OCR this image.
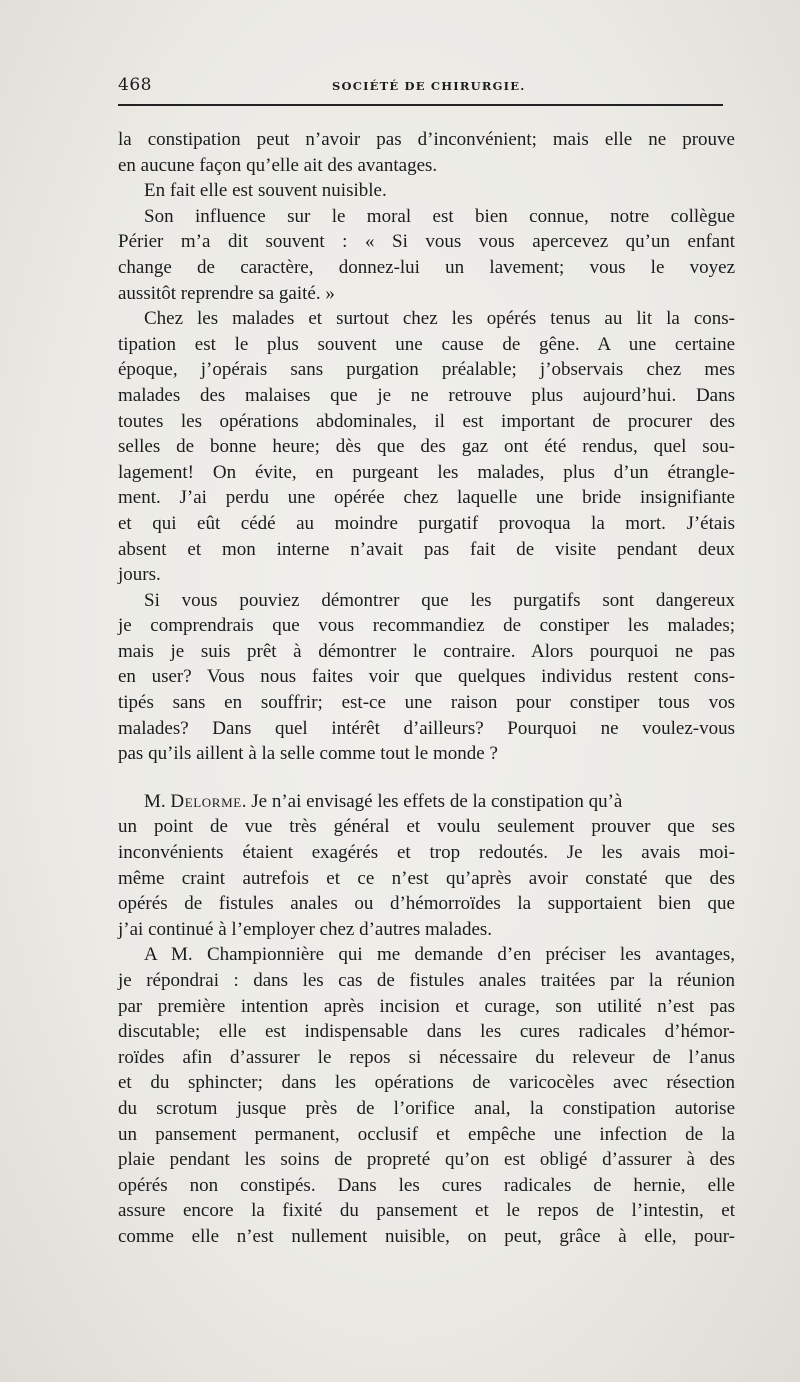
468	SOCIÉTÉ DE CHIRURGIE.
la constipation peut n’avoir pas d’inconvénient; mais elle ne prouve
en aucune façon qu’elle ait des avantages.
En fait elle est souvent nuisible.
Son influence sur le moral est bien connue, notre collègue
Périer m’a dit souvent : « Si vous vous apercevez qu’un enfant
change de caractère, donnez-lui un lavement; vous le voyez
aussitôt reprendre sa gaité. »
Chez les malades et surtout chez les opérés tenus au lit la cons-
tipation est le plus souvent une cause de gêne. A une certaine
époque, j’opérais sans purgation préalable; j’observais chez mes
malades des malaises que je ne retrouve plus aujourd’hui. Dans
toutes les opérations abdominales, il est important de procurer des
selles de bonne heure; dès que des gaz ont été rendus, quel sou-
lagement! On évite, en purgeant les malades, plus d’un étrangle-
ment. J’ai perdu une opérée chez laquelle une bride insignifiante
et qui eût cédé au moindre purgatif provoqua la mort. J’étais
absent et mon interne n’avait pas fait de visite pendant deux
jours.
Si vous pouviez démontrer que les purgatifs sont dangereux
je comprendrais que vous recommandiez de constiper les malades;
mais je suis prêt à démontrer le contraire. Alors pourquoi ne pas
en user? Vous nous faites voir que quelques individus restent cons-
tipés sans en souffrir; est-ce une raison pour constiper tous vos
malades? Dans quel intérêt d’ailleurs? Pourquoi ne voulez-vous
pas qu’ils aillent à la selle comme tout le monde ?
M. Delorme. Je n’ai envisagé les effets de la constipation qu’à
un point de vue très général et voulu seulement prouver que ses
inconvénients étaient exagérés et trop redoutés. Je les avais moi-
même craint autrefois et ce n’est qu’après avoir constaté que des
opérés de fistules anales ou d’hémorroïdes la supportaient bien que
j’ai continué à l’employer chez d’autres malades.
A M. Championnière qui me demande d’en préciser les avantages,
je répondrai : dans les cas de fistules anales traitées par la réunion
par première intention après incision et curage, son utilité n’est pas
discutable; elle est indispensable dans les cures radicales d’hémor-
roïdes afin d’assurer le repos si nécessaire du releveur de l’anus
et du sphincter; dans les opérations de varicocèles avec résection
du scrotum jusque près de l’orifice anal, la constipation autorise
un pansement permanent, occlusif et empêche une infection de la
plaie pendant les soins de propreté qu’on est obligé d’assurer à des
opérés non constipés. Dans les cures radicales de hernie, elle
assure encore la fixité du pansement et le repos de l’intestin, et
comme elle n’est nullement nuisible, on peut, grâce à elle, pour-
